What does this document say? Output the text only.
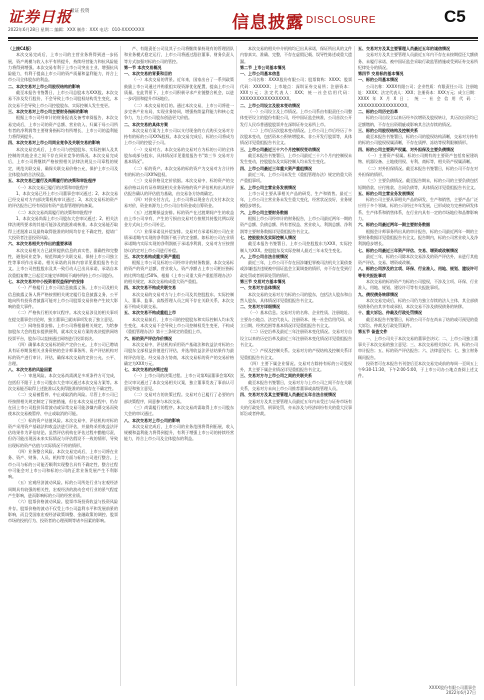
证券日报
最证 投资
2022年6月28日 星期二 编辑：XXX 制作：XXX 电话：010-XXXXXXXX	信息披露 DISCLOSURE	C5

（上接C4版）

本次交易完成后，上市公司的主营业务将得到进一步拓展，资产规模与收入水平有所提升，持续经营能力和抗风险能力将得到增强。本次交易有利于上市公司突出主业、增强抗风险能力，有利于提高上市公司的资产质量和盈利能力，符合上市公司全体股东的利益。

二、本次交易对上市公司股权结构的影响

截至本报告书签署日，上市公司总股本为XXX股。本次交易不涉及发行股份，不会导致上市公司股权结构发生变化，本次交易不会导致上市公司控股股东、实际控制人发生变更。

三、本次交易对上市公司主要财务指标的影响

根据上市公司经审计的财务报表及备考审阅报告，本次交易完成后，上市公司的资产总额、营业收入、归属于母公司所有者的净利润等主要财务指标均有所增长，上市公司的盈利能力将得到提升。

四、本次交易对上市公司同业竞争及关联交易的影响

本次交易完成后，上市公司与控股股东、实际控制人及其控制的其他企业之间不存在同业竞争的情况。本次交易完成后，上市公司将继续严格按照相关法律法规及公司章程的规定，规范关联交易，确保关联交易价格公允，保护上市公司及全体股东的合法权益。

五、本次交易已履行及尚需履行的决策和审批程序

（一）本次交易已履行的决策和审批程序

1、本次交易已经上市公司董事会审议通过；2、本次交易已经交易对方内部决策机构审议通过；3、本次交易标的资产的评估报告已经有权国有资产监督管理机构备案。

（二）本次交易尚需履行的决策和审批程序

1、本次交易尚需上市公司股东大会审议通过；2、相关法律法规所要求的其他可能涉及的批准或核准。本次交易能否取得上述批准以及最终取得批准的时间均存在不确定性，提请广大投资者注意投资风险。

六、本次交易相关方作出的重要承诺

本次交易相关方已就所提供信息的真实性、准确性和完整性，避免同业竞争，规范和减少关联交易，保持上市公司独立性等事项作出承诺。相关承诺的具体内容详见重组报告书全文。上市公司控股股东及其一致行动人已出具承诺，承诺自本次重组复牌之日起至实施完毕期间不减持所持上市公司股份。

七、本次交易对中小投资者权益保护的安排

（一）严格履行上市公司信息披露义务。上市公司及相关信息披露义务人将严格按照相关规定履行信息披露义务，公平地向所有投资者披露可能对上市公司股票交易价格产生较大影响的重大事件。

（二）严格执行相关审议程序。本次交易涉及的相关事项在提交董事会讨论时，独立董事已就该事项发表了独立意见。

（三）网络投票安排。上市公司将根据相关规定，为给参加股东大会的股东提供便利，就本次交易方案的表决提供网络投票平台，股东可以直接通过网络进行投票表决。

（四）确保本次交易标的资产定价公允。上市公司已聘请具有证券期货相关业务资格的会计师事务所、资产评估机构对标的资产进行审计、评估，确保本次交易的定价公允、公平、合理。

八、本次交易的风险因素

（一）审批风险。本次交易尚需满足多项条件方可完成，包括但不限于上市公司股东大会审议通过本次交易方案等。本次交易能否取得上述批准以及获得批准的时间存在不确定性。

（二）交易被暂停、中止或取消的风险。尽管上市公司已经按照相关规定制定了保密措施，但在本次交易过程中，仍存在因上市公司股价异常波动或异常交易可能涉嫌内幕交易而致使本次交易被暂停、中止或取消的可能。

（三）标的资产估值风险。本次交易中，评估机构对标的资产采用资产基础法和收益法进行评估，并最终采用收益法评估结果作为评估结论。虽然评估机构在评估过程中勤勉尽责，但仍可能出现因未来实际情况与评估假设不一致的情形，导致出现标的资产估值与实际情况不符的情形。

（四）业务整合风险。本次交易完成后，上市公司将在业务、资产、财务、人员、机构等方面与标的公司进行整合。上市公司与标的公司能否顺利实现整合具有不确定性，整合过程中可能会对上市公司和标的公司的正常业务发展产生不利影响。

（五）宏观经济波动风险。标的公司所处行业与宏观经济周期具有较强的相关性，宏观经济的波动会对行业的景气程度产生影响，进而影响标的公司的经营业绩。

（六）股票价格波动风险。股票市场投资收益与投资风险并存。股票价格的波动不仅受上市公司盈利水平和发展前景的影响，而且受国家宏观经济政策调整、金融政策的调控、股票市场的投机行为、投资者的心理预期等诸多因素的影响。

产、有限责任公司及其子公司将继续保持现有的管理团队和业务模式稳定运行，上市公司将通过派驻董事、财务负责人等方式加强对标的公司的管控。

第一节 本次交易概况

一、本次交易的背景和目的

（一）本次交易的背景。近年来，国家出台了一系列政策鼓励上市公司通过并购重组实现资源优化配置，提高上市公司质量。在此背景下，上市公司积极寻求产业链整合机会，以进一步巩固和提升市场地位。

（二）本次交易的目的。通过本次交易，上市公司将进一步完善产业布局，实现业务协同，增强持续盈利能力和核心竞争力，为上市公司股东创造更大价值。

二、本次交易的具体方案

本次交易方案为上市公司以支付现金的方式购买交易对方持有的标的公司XX%股权。本次交易完成后，标的公司将成为上市公司的控股子公司。

（一）交易对方。本次交易的交易对方为标的公司的全体股东或部分股东，具体情况详见重组报告书“第三节 交易对方基本情况”。

（二）标的资产。本次交易的标的资产为交易对方合计持有的标的公司XX%股权。

（三）交易价格及定价依据。本次交易中，标的资产的交易价格以具有证券期货相关业务资格的资产评估机构出具的评估报告确认的评估值为基础，由交易各方协商确定。

（四）对价支付方式。上市公司将以现金方式支付本次交易对价，资金来源为上市公司自有资金或自筹资金。

（五）过渡期损益安排。标的资产在过渡期间产生的收益由上市公司享有，产生的亏损由交易对方按照其持股比例以现金方式向上市公司补足。

（六）业绩承诺及补偿安排。交易对方承诺标的公司在业绩承诺期内实现的净利润不低于约定金额。如标的公司在业绩承诺期内实际实现的净利润低于承诺净利润，交易对方应按照协议约定对上市公司进行补偿。

三、本次交易构成重大资产重组

根据上市公司及标的公司经审计的财务数据，本次交易标的资产的资产总额、营业收入、资产净额占上市公司相应指标的比例均超过50%，根据《上市公司重大资产重组管理办法》的相关规定，本次交易构成重大资产重组。

四、本次交易不构成关联交易

本次交易的交易对方与上市公司及其控股股东、实际控制人、董事、监事、高级管理人员之间不存在关联关系，本次交易不构成关联交易。

五、本次交易不构成重组上市

本次交易前后，上市公司的控股股东和实际控制人均未发生变化，本次交易不会导致上市公司控制权发生变更，不构成《重组管理办法》第十三条规定的重组上市。

六、标的资产评估作价情况

本次交易中，评估机构采用资产基础法和收益法对标的公司股东全部权益价值进行评估，并选用收益法评估结果作为最终评估结论。经交易各方协商，本次交易标的资产的交易价格确定为XXX万元。

七、本次交易的决策过程

（一）上市公司的决策过程。上市公司第X届董事会第X次会议审议通过了本次交易相关议案，独立董事发表了事前认可意见和独立意见。

（二）交易对方的决策过程。交易对方已履行了必要的内部决策程序，同意参与本次交易。

（三）尚需履行的程序。本次交易尚需取得上市公司股东大会的审议通过。

八、本次交易对上市公司的影响

本次交易完成后，上市公司的业务范围将得到拓展，收入规模和盈利能力将得到提升，有利于增强上市公司的持续经营能力，符合上市公司及全体股东的利益。

本次交易的相关中介机构均已出具承诺，保证所出具的文件内容真实、准确、完整，不存在虚假记载、误导性陈述或重大遗漏。

第二节 上市公司基本情况

一、上市公司基本信息

公司名称：XXXX股份有限公司；股票简称：XXXX；股票代码：XXXXXX；上市地点：深圳证券交易所；注册资本：XXX万元；法定代表人：XXX；统一社会信用代码：XXXXXXXXXXXXXXXXXX。

二、上市公司设立及股本变动情况

（一）公司设立及上市情况。上市公司系由有限责任公司整体变更设立的股份有限公司，经中国证监会核准，公司首次公开发行人民币普通股股票并在深圳证券交易所上市。

（二）上市后历次股本变动情况。上市公司上市后经历了多次股本变动，包括资本公积转增股本、非公开发行股票等，具体情况详见重组报告书全文。

三、上市公司最近三十六个月控制权变动情况

截至本报告书签署日，上市公司最近三十六个月内控制权未发生变动，控股股东及实际控制人均未发生变化。

四、上市公司最近三年重大资产重组情况

最近三年，上市公司未发生《重组管理办法》规定的重大资产重组事项。

五、上市公司主营业务发展情况

上市公司主要从事相关产品的研发、生产和销售。最近三年，上市公司主营业务未发生重大变化，经营状况良好，业务规模稳步增长。

六、上市公司主要财务数据

根据上市公司经审计的财务报告，上市公司最近两年一期的资产总额、负债总额、所有者权益、营业收入、利润总额、净利润等主要财务数据详见重组报告书全文。

七、控股股东及实际控制人情况

截至本报告书签署日，上市公司控股股东为XXX，实际控制人为XXX。控股股东及实际控制人最近三年未发生变化。

八、上市公司合法合规情况

最近三年，上市公司不存在因涉嫌犯罪被司法机关立案侦查或涉嫌违法违规被中国证监会立案调查的情形，亦不存在受到行政处罚或者刑事处罚的情形。

第三节 交易对方基本情况

一、交易对方总体情况

本次交易的交易对方为标的公司的股东，包括法人股东和自然人股东，具体情况详见重组报告书全文。

二、交易对方详细情况

（一）基本信息。交易对方的名称、企业性质、注册地址、主要办公地点、法定代表人、注册资本、统一社会信用代码、成立日期、经营范围等基本情况详见重组报告书全文。

（二）历史沿革及最近三年注册资本变化情况。交易对方自设立以来的历史沿革及最近三年注册资本变化情况详见重组报告书全文。

（三）产权及控制关系。交易对方的产权结构及控制关系详见重组报告书全文。

（四）主要下属企业情况。交易对方除持有标的公司股权外，其主要下属企业情况详见重组报告书全文。

三、交易对方与上市公司之间的关联关系

截至本报告书签署日，交易对方与上市公司之间不存在关联关系，交易对方未向上市公司推荐董事或高级管理人员。

四、交易对方及其主要管理人员最近五年合法合规情况

交易对方及其主要管理人员最近五年内未受过与证券市场有关的行政处罚、刑事处罚，亦未涉及与经济纠纷有关的重大民事诉讼或者仲裁。

五、交易对方及其主要管理人员最近五年的诚信情况

交易对方及其主要管理人员最近五年内不存在未按期偿还大额债务、未履行承诺、被中国证监会采取行政监管措施或受到证券交易所纪律处分的情况。

第四节 交易标的基本情况

一、标的公司基本情况

公司名称：XXXX有限公司；企业性质：有限责任公司；注册地址：XXXX；法定代表人：XXX；注册资本：XXX万元；成立日期：XXXX年X月X日；统一社会信用代码：XXXXXXXXXXXXXXXXXX。

二、标的公司历史沿革

标的公司自设立以来历经多次增资及股权转让，其历次出资均已足额缴纳，不存在出资瑕疵或影响其合法存续的情况。

三、标的公司股权结构及控制关系

截至本报告书签署日，标的公司的股权结构清晰，交易对方持有的标的公司股权权属清晰，不存在质押、冻结等权利限制情形。

四、标的公司主要资产权属、对外担保及主要负债情况

（一）主要资产权属。标的公司拥有的主要资产包括房屋建筑物、机器设备、土地使用权、专利、商标等，相关资产权属清晰。

（二）对外担保情况。截至本报告书签署日，标的公司不存在对外担保的情形。

（三）主要负债情况。截至报告期末，标的公司的主要负债包括短期借款、应付账款、合同负债等，具体情况详见重组报告书全文。

五、标的公司主营业务发展情况

标的公司主要从事相关产品的研发、生产和销售，主要产品广泛应用于多个领域。标的公司经过多年发展，已形成较为完善的研发体系、生产体系和销售体系，在行业内具有一定的市场地位和品牌影响力。

六、标的公司最近两年一期主要财务数据

根据会计师事务所出具的审计报告，标的公司最近两年一期的主要财务数据详见重组报告书全文。报告期内，标的公司营业收入及净利润稳步增长。

七、标的公司最近三年资产评估、交易、增资或改制情况

最近三年，标的公司除本次交易涉及的资产评估外，未进行其他资产评估、交易、增资或改制。

八、标的公司涉及的立项、环保、行业准入、用地、规划、建设许可等有关报批事项

本次交易的标的资产为标的公司股权，不涉及立项、环保、行业准入、用地、规划、建设许可等有关报批事项。

九、债权债务转移情况

本次交易完成后，标的公司仍为独立存续的法人主体，其全部债权债务仍由其享有或承担，本次交易不涉及债权债务的转移。

十、重大诉讼、仲裁及行政处罚情况

截至本报告书签署日，标的公司不存在尚未了结的或可预见的重大诉讼、仲裁及行政处罚案件。

第五节 备查文件

一、上市公司关于本次交易的董事会决议；二、上市公司独立董事关于本次交易的独立意见；三、本次交易相关协议；四、标的公司审计报告；五、标的资产评估报告；六、法律意见书；七、独立财务顾问报告。

投资者可在本报告书刊登后至本次交易完成前的每周一至周五上午9:30-11:30，下午2:00-5:00，于上市公司办公地点查阅上述文件。

XXXX股份有限公司董事会
2022年6月27日
